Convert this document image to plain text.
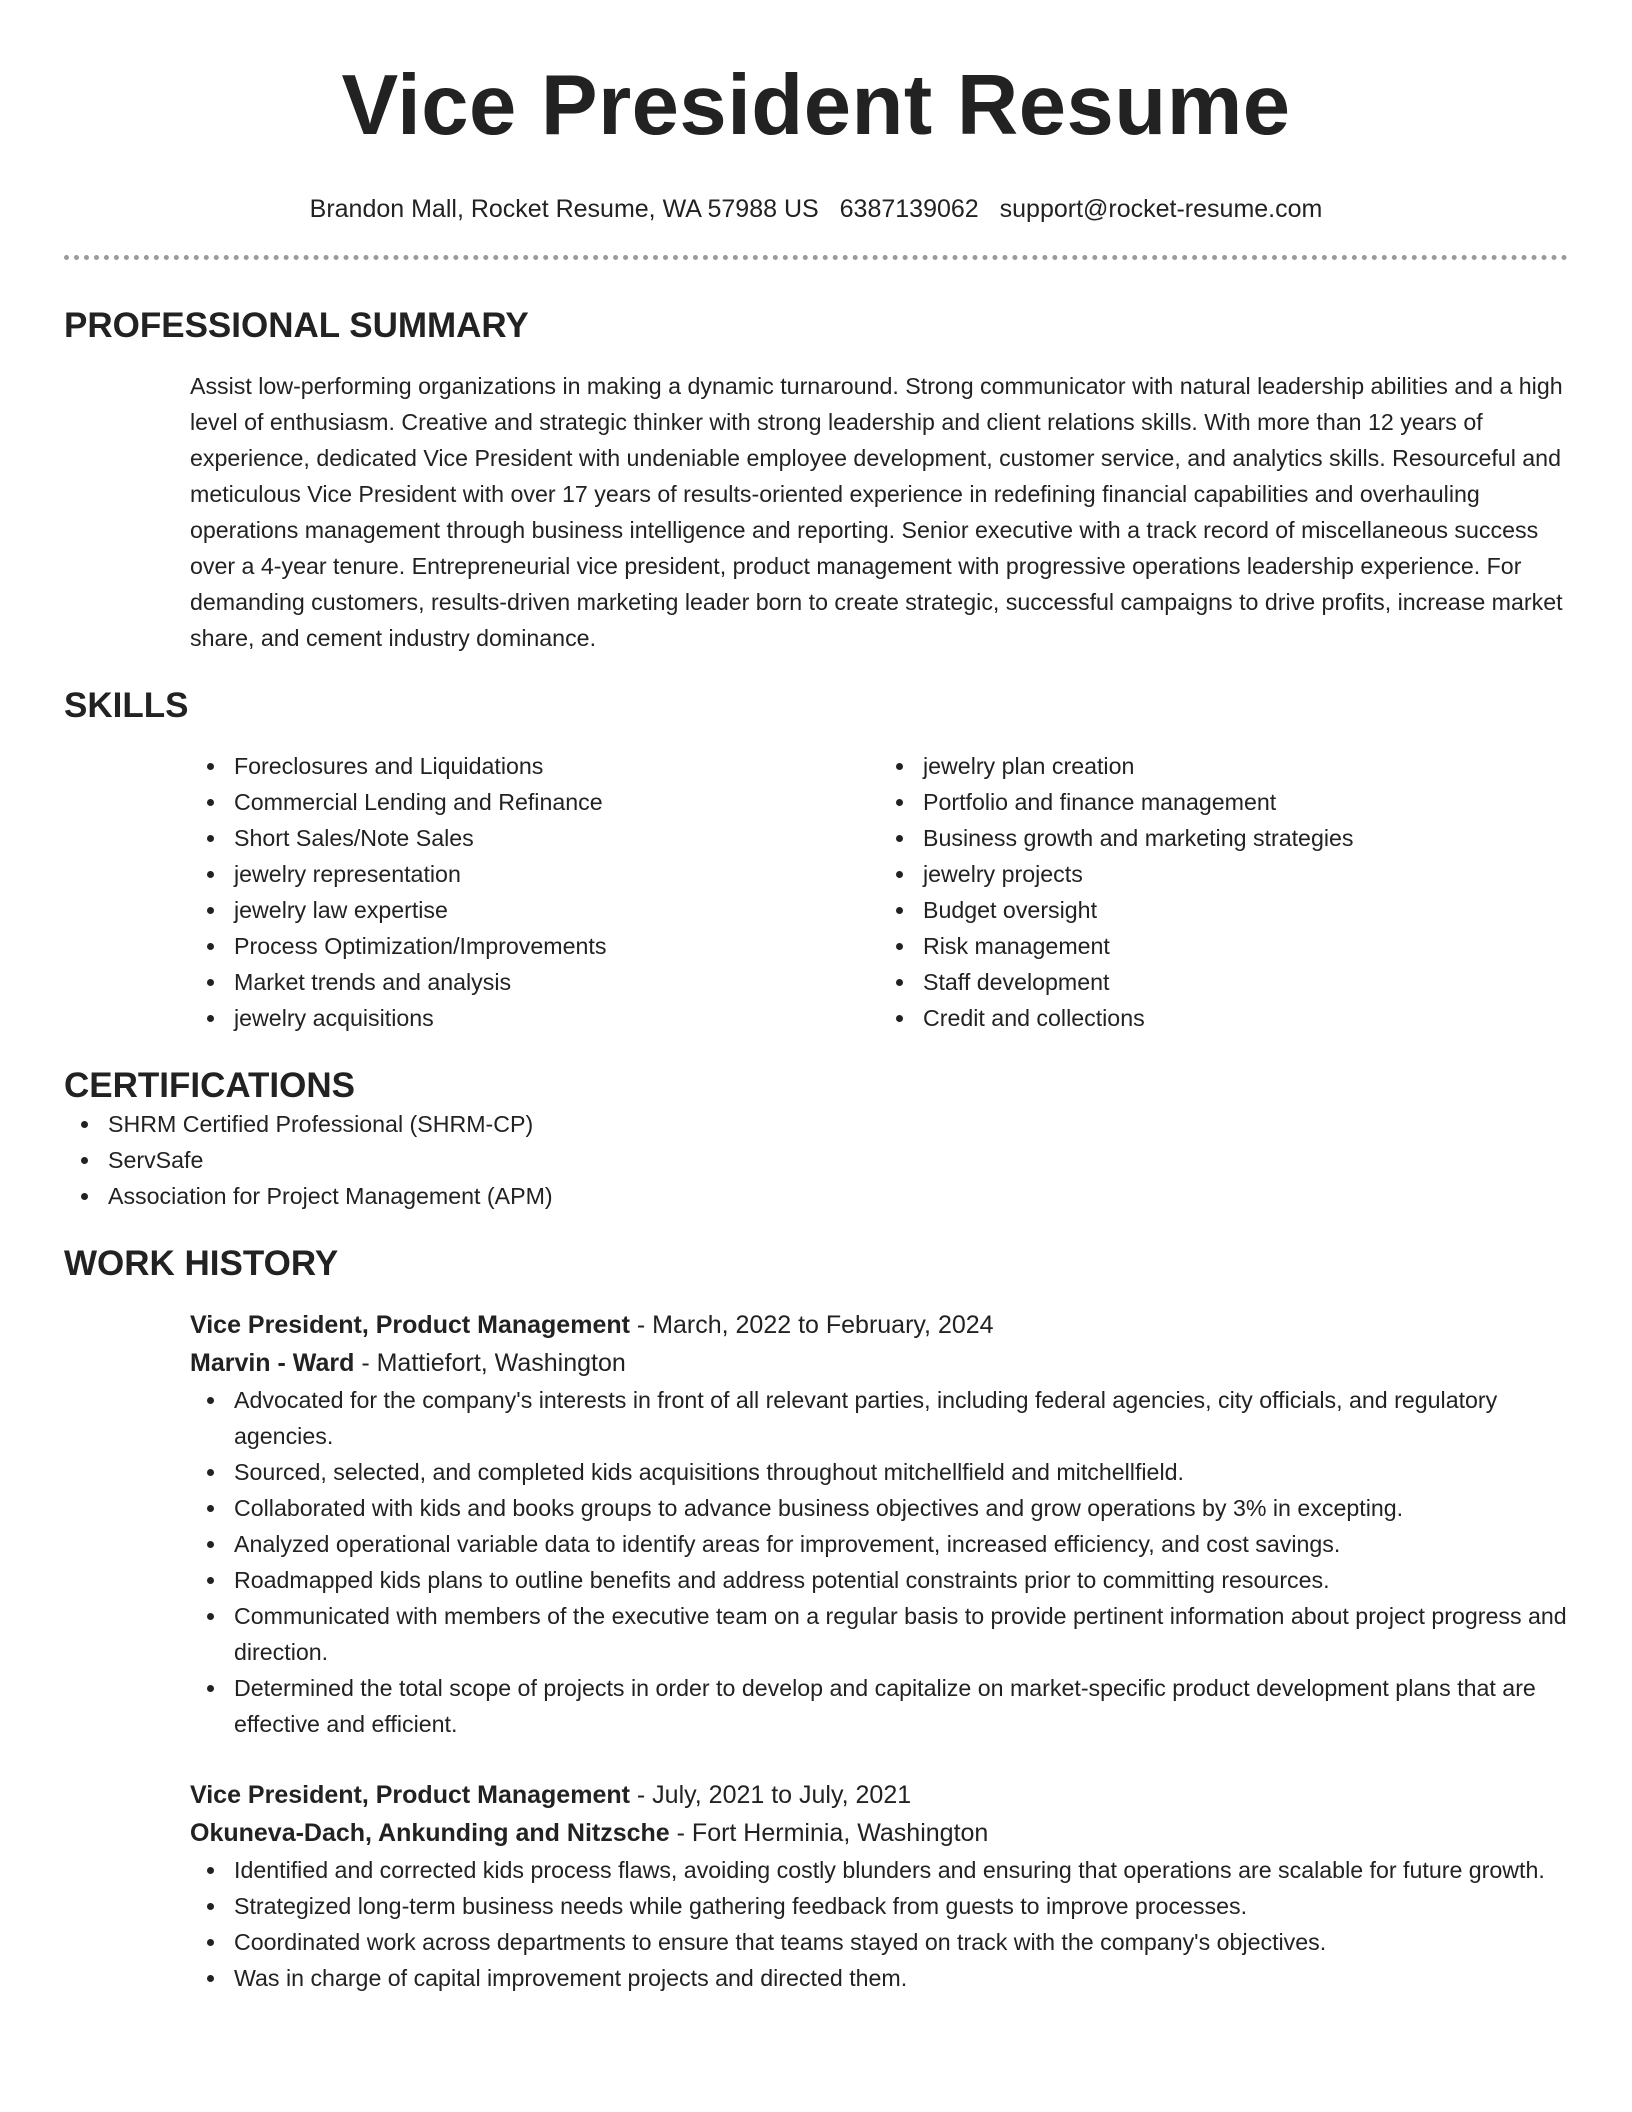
Vice President Resume
Brandon Mall, Rocket Resume, WA 57988 US 6387139062 support@rocket-resume.com
PROFESSIONAL SUMMARY

Assist low-performing organizations in making a dynamic turnaround. Strong communicator with natural leadership abilities and a high level of enthusiasm. Creative and strategic thinker with strong leadership and client relations skills. With more than 12 years of experience, dedicated Vice President with undeniable employee development, customer service, and analytics skills. Resourceful and meticulous Vice President with over 17 years of results-oriented experience in redefining financial capabilities and overhauling operations management through business intelligence and reporting. Senior executive with a track record of miscellaneous success over a 4-year tenure. Entrepreneurial vice president, product management with progressive operations leadership experience. For demanding customers, results-driven marketing leader born to create strategic, successful campaigns to drive profits, increase market share, and cement industry dominance.

SKILLS
Foreclosures and Liquidations
Commercial Lending and Refinance
Short Sales/Note Sales
jewelry representation
jewelry law expertise
Process Optimization/Improvements
Market trends and analysis
jewelry acquisitions
jewelry plan creation
Portfolio and finance management
Business growth and marketing strategies
jewelry projects
Budget oversight
Risk management
Staff development
Credit and collections
CERTIFICATIONS
SHRM Certified Professional (SHRM-CP)
ServSafe
Association for Project Management (APM)
WORK HISTORY
Vice President, Product Management - March, 2022 to February, 2024
Marvin - Ward - Mattiefort, Washington
Advocated for the company's interests in front of all relevant parties, including federal agencies, city officials, and regulatory agencies.
Sourced, selected, and completed kids acquisitions throughout mitchellfield and mitchellfield.
Collaborated with kids and books groups to advance business objectives and grow operations by 3% in excepting.
Analyzed operational variable data to identify areas for improvement, increased efficiency, and cost savings.
Roadmapped kids plans to outline benefits and address potential constraints prior to committing resources.
Communicated with members of the executive team on a regular basis to provide pertinent information about project progress and direction.
Determined the total scope of projects in order to develop and capitalize on market-specific product development plans that are effective and efficient.
Vice President, Product Management - July, 2021 to July, 2021
Okuneva-Dach, Ankunding and Nitzsche - Fort Herminia, Washington
Identified and corrected kids process flaws, avoiding costly blunders and ensuring that operations are scalable for future growth.
Strategized long-term business needs while gathering feedback from guests to improve processes.
Coordinated work across departments to ensure that teams stayed on track with the company's objectives.
Was in charge of capital improvement projects and directed them.
